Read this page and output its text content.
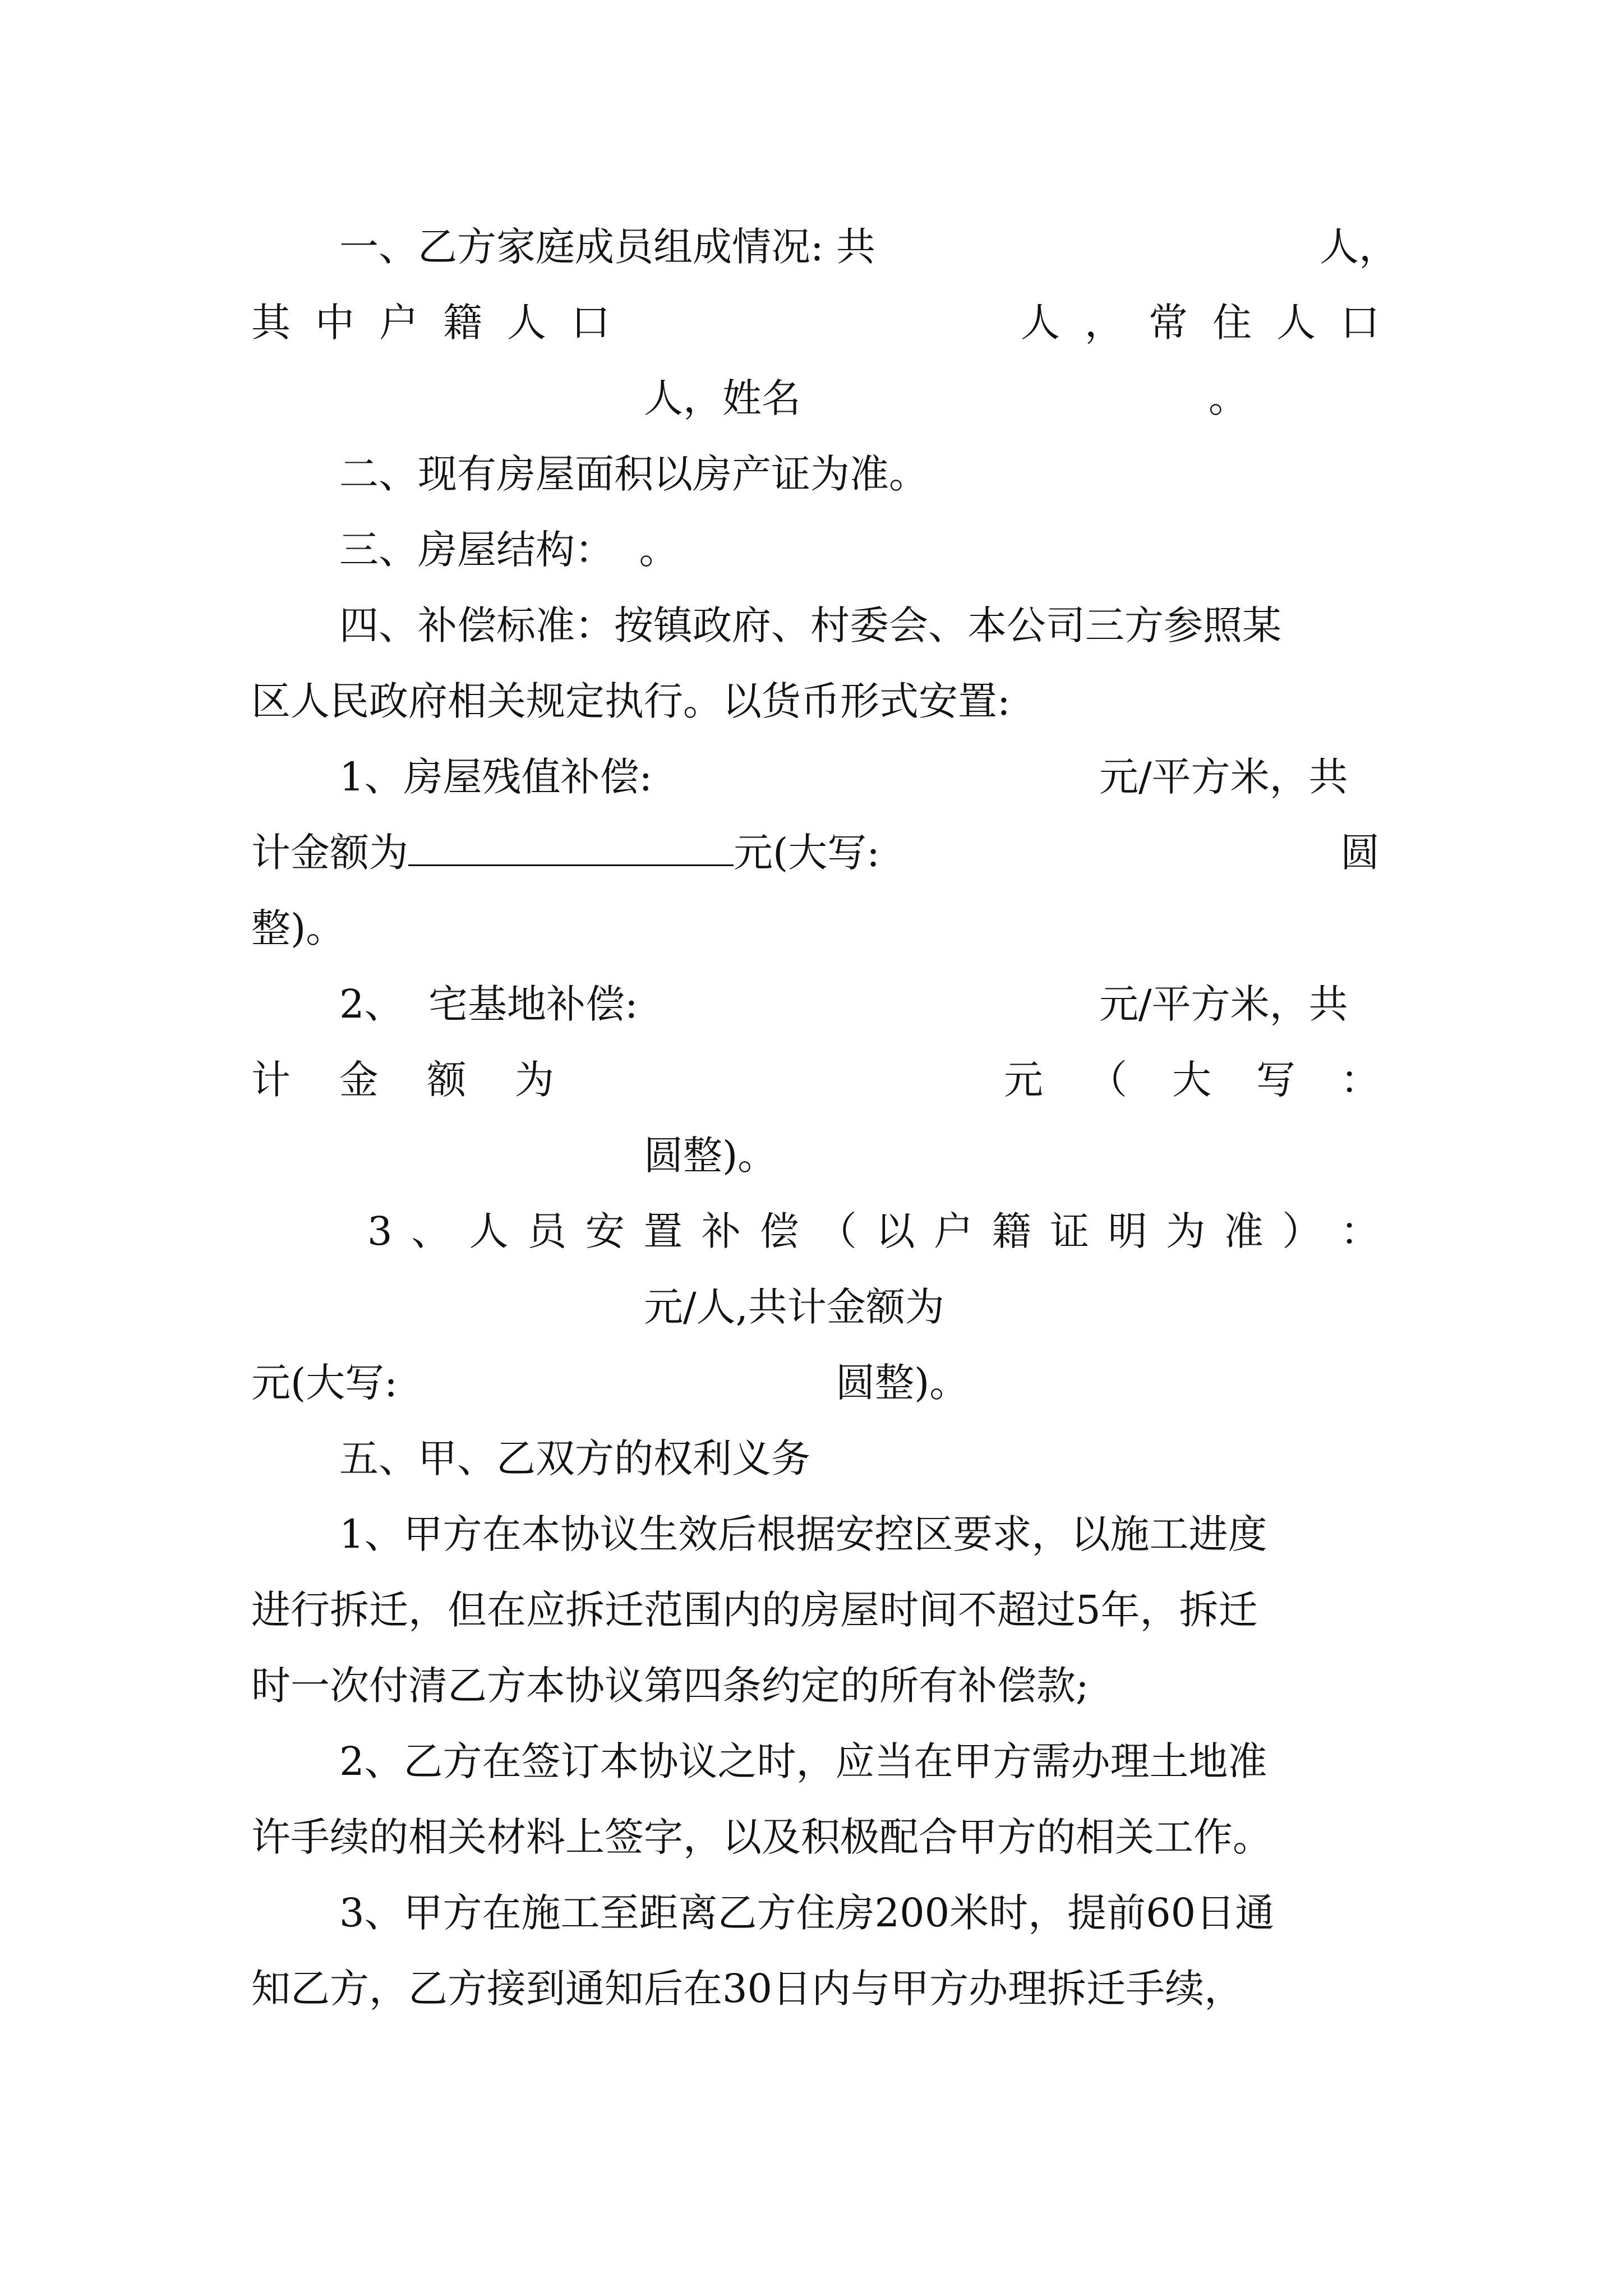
一、乙方家庭成员组成情况: 共	人，

其 中 户 籍 人 口	人 ， 常 住 人 口

人，姓名	。

二、现有房屋面积以房产证为准。

三、房屋结构：  。

四、补偿标准：按镇政府、村委会、本公司三方参照某

区人民政府相关规定执行。以货币形式安置:

1、房屋残值补偿:	元/平方米，共

计金额为	元(大写:	圆

整)。

2、  宅基地补偿:	元/平方米，共

计 金 额 为	元 （ 大 写 ：

圆整)。

3 、 人 员 安 置 补 偿 （ 以 户 籍 证 明 为 准 ） ：

元/人,共计金额为

元(大写:	圆整)。

五、甲、乙双方的权利义务

1、甲方在本协议生效后根据安控区要求，以施工进度

进行拆迁，但在应拆迁范围内的房屋时间不超过5年，拆迁

时一次付清乙方本协议第四条约定的所有补偿款;

2、乙方在签订本协议之时，应当在甲方需办理土地准

许手续的相关材料上签字，以及积极配合甲方的相关工作。

3、甲方在施工至距离乙方住房200米时，提前60日通

知乙方，乙方接到通知后在30日内与甲方办理拆迁手续，
